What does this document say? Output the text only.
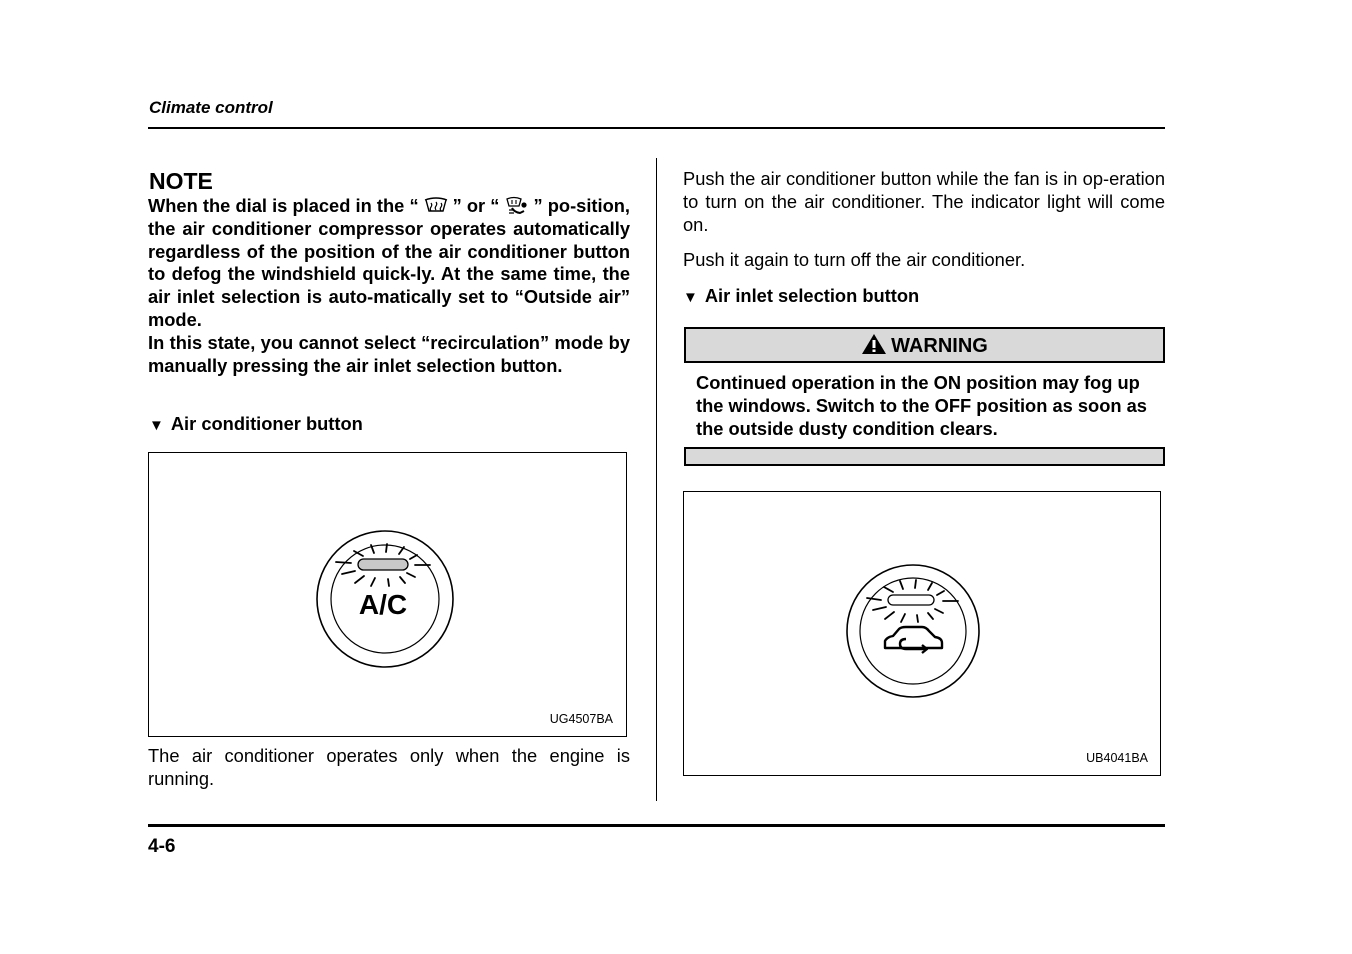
Climate control
NOTE

When the dial is placed in the “ ” or “ ” po-sition, the air conditioner compressor operates automatically regardless of the position of the air conditioner button to defog the windshield quick-ly. At the same time, the air inlet selection is auto-matically set to “Outside air” mode.

In this state, you cannot select “recirculation” mode by manually pressing the air inlet selection button.

▼ Air conditioner button
A/C
UG4507BA

The air conditioner operates only when the engine is running.

Push the air conditioner button while the fan is in op-eration to turn on the air conditioner. The indicator light will come on.

Push it again to turn off the air conditioner.

▼ Air inlet selection button
WARNING

Continued operation in the ON position may fog up the windows. Switch to the OFF position as soon as the outside dusty condition clears.

UB4041BA
4-6
